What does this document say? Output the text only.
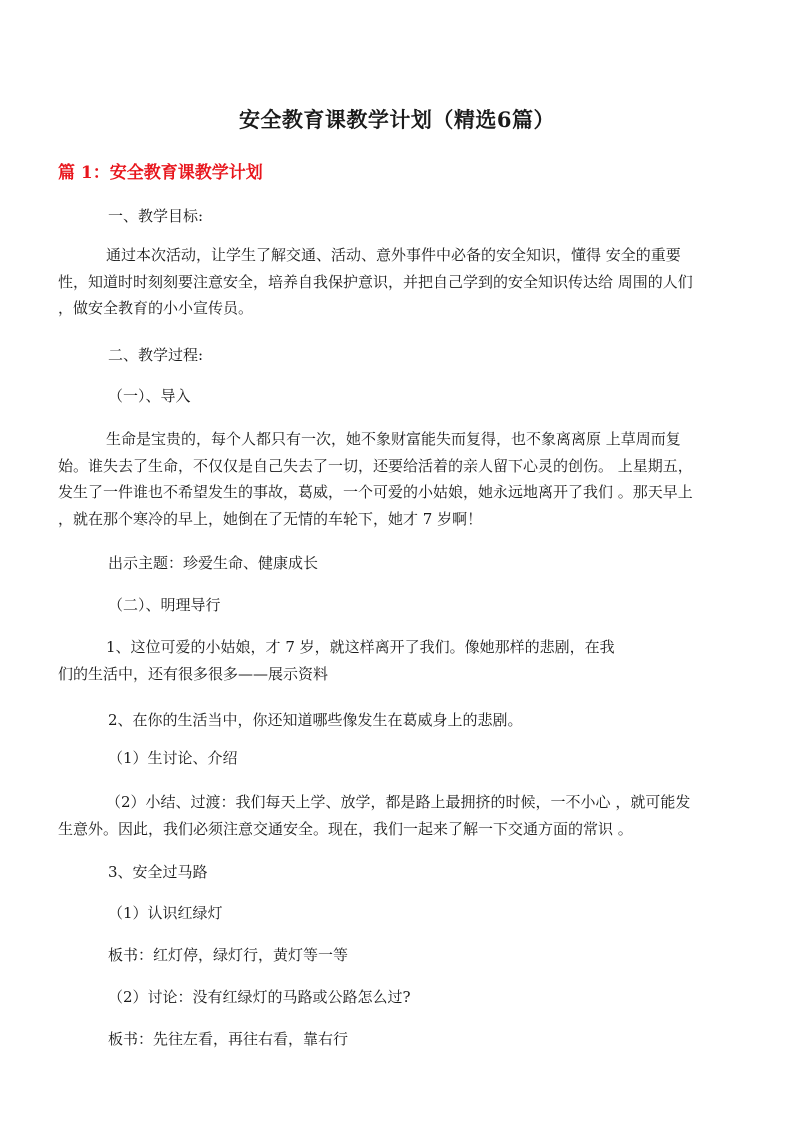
安全教育课教学计划（精选6篇）
篇 1：安全教育课教学计划
一、教学目标:
通过本次活动，让学生了解交通、活动、意外事件中必备的安全知识，懂得 安全的重要
性，知道时时刻刻要注意安全，培养自我保护意识，并把自己学到的安全知识传达给 周围的人们
，做安全教育的小小宣传员。
二、教学过程:
（一）、导入
生命是宝贵的，每个人都只有一次，她不象财富能失而复得，也不象离离原 上草周而复
始。谁失去了生命，不仅仅是自己失去了一切，还要给活着的亲人留下心灵的创伤。 上星期五，
发生了一件谁也不希望发生的事故，葛威，一个可爱的小姑娘，她永远地离开了我们 。那天早上
，就在那个寒冷的早上，她倒在了无情的车轮下，她才 7 岁啊！
出示主题：珍爱生命、健康成长
（二）、明理导行
1、这位可爱的小姑娘，才 7 岁，就这样离开了我们。像她那样的悲剧，在我
们的生活中，还有很多很多——展示资料
2、在你的生活当中，你还知道哪些像发生在葛威身上的悲剧。
（1）生讨论、介绍
（2）小结、过渡：我们每天上学、放学，都是路上最拥挤的时候，一不小心 ，就可能发
生意外。因此，我们必须注意交通安全。现在，我们一起来了解一下交通方面的常识 。
3、安全过马路
（1）认识红绿灯
板书：红灯停，绿灯行，黄灯等一等
（2）讨论：没有红绿灯的马路或公路怎么过?
板书：先往左看，再往右看，靠右行
